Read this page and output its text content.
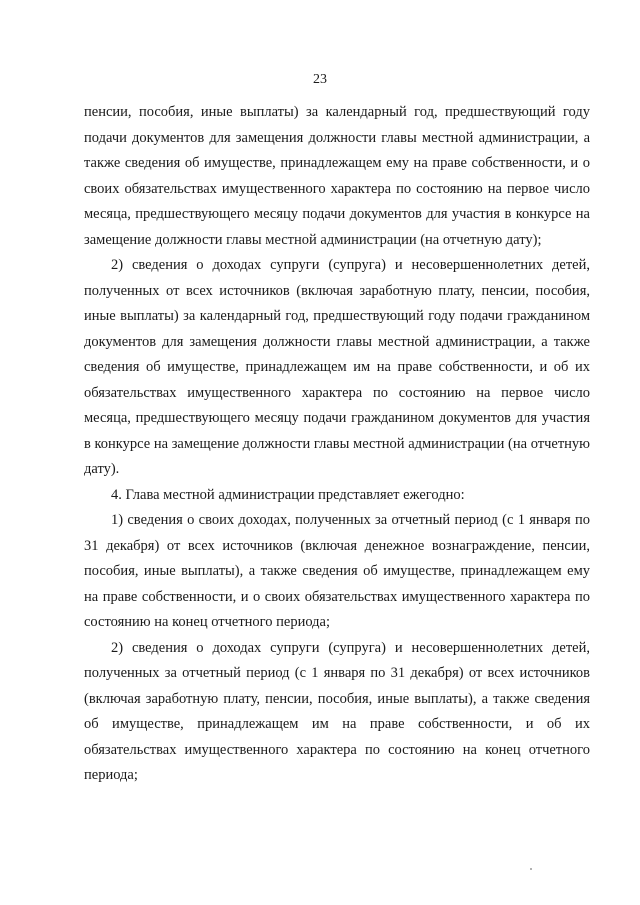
23

пенсии, пособия, иные выплаты) за календарный год, предшествующий году подачи документов для замещения должности главы местной администрации, а также сведения об имуществе, принадлежащем ему на праве собственности, и о своих обязательствах имущественного характера по состоянию на первое число месяца, предшествующего месяцу подачи документов для участия в конкурсе на замещение должности главы местной администрации (на отчетную дату);

2) сведения о доходах супруги (супруга) и несовершеннолетних детей, полученных от всех источников (включая заработную плату, пенсии, пособия, иные выплаты) за календарный год, предшествующий году подачи гражданином документов для замещения должности главы местной администрации, а также сведения об имуществе, принадлежащем им на праве собственности, и об их обязательствах имущественного характера по состоянию на первое число месяца, предшествующего месяцу подачи гражданином документов для участия в конкурсе на замещение должности главы местной администрации (на отчетную дату).

4. Глава местной администрации представляет ежегодно:

1) сведения о своих доходах, полученных за отчетный период (с 1 января по 31 декабря) от всех источников (включая денежное вознаграждение, пенсии, пособия, иные выплаты), а также сведения об имуществе, принадлежащем ему на праве собственности, и о своих обязательствах имущественного характера по состоянию на конец отчетного периода;

2) сведения о доходах супруги (супруга) и несовершеннолетних детей, полученных за отчетный период (с 1 января по 31 декабря) от всех источников (включая заработную плату, пенсии, пособия, иные выплаты), а также сведения об имуществе, принадлежащем им на праве собственности, и об их обязательствах имущественного характера по состоянию на конец отчетного периода;
